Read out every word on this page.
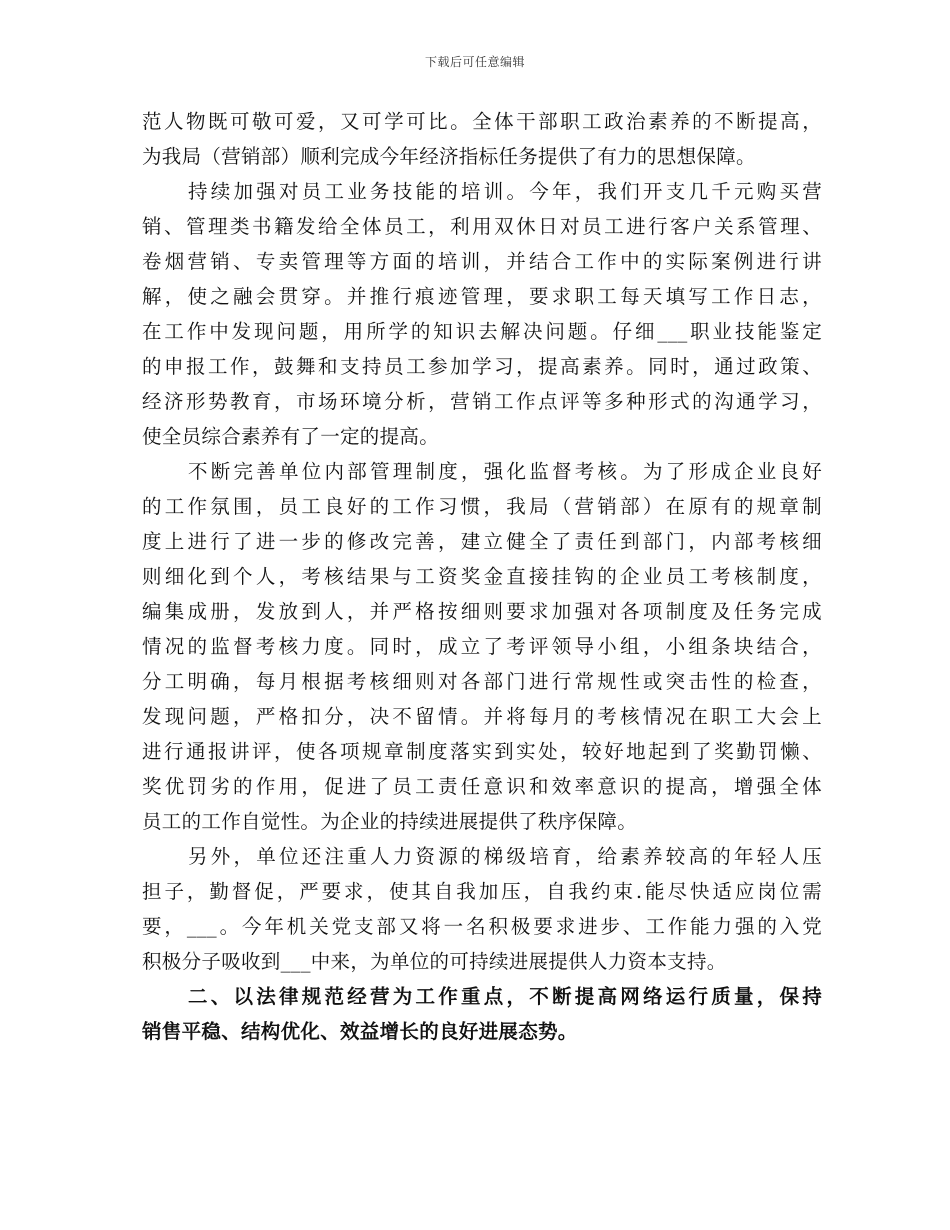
下载后可任意编辑
范人物既可敬可爱，又可学可比。全体干部职工政治素养的不断提高，
为我局（营销部）顺利完成今年经济指标任务提供了有力的思想保障。
持续加强对员工业务技能的培训。今年，我们开支几千元购买营
销、管理类书籍发给全体员工，利用双休日对员工进行客户关系管理、
卷烟营销、专卖管理等方面的培训，并结合工作中的实际案例进行讲
解，使之融会贯穿。并推行痕迹管理，要求职工每天填写工作日志，
在工作中发现问题，用所学的知识去解决问题。仔细___职业技能鉴定
的申报工作，鼓舞和支持员工参加学习，提高素养。同时，通过政策、
经济形势教育，市场环境分析，营销工作点评等多种形式的沟通学习，
使全员综合素养有了一定的提高。
不断完善单位内部管理制度，强化监督考核。为了形成企业良好
的工作氛围，员工良好的工作习惯，我局（营销部）在原有的规章制
度上进行了进一步的修改完善，建立健全了责任到部门，内部考核细
则细化到个人，考核结果与工资奖金直接挂钩的企业员工考核制度，
编集成册，发放到人，并严格按细则要求加强对各项制度及任务完成
情况的监督考核力度。同时，成立了考评领导小组，小组条块结合，
分工明确，每月根据考核细则对各部门进行常规性或突击性的检查，
发现问题，严格扣分，决不留情。并将每月的考核情况在职工大会上
进行通报讲评，使各项规章制度落实到实处，较好地起到了奖勤罚懒、
奖优罚劣的作用，促进了员工责任意识和效率意识的提高，增强全体
员工的工作自觉性。为企业的持续进展提供了秩序保障。
另外，单位还注重人力资源的梯级培育，给素养较高的年轻人压
担子，勤督促，严要求，使其自我加压，自我约束.能尽快适应岗位需
要，___。今年机关党支部又将一名积极要求进步、工作能力强的入党
积极分子吸收到___中来，为单位的可持续进展提供人力资本支持。
二、以法律规范经营为工作重点，不断提高网络运行质量，保持
销售平稳、结构优化、效益增长的良好进展态势。
